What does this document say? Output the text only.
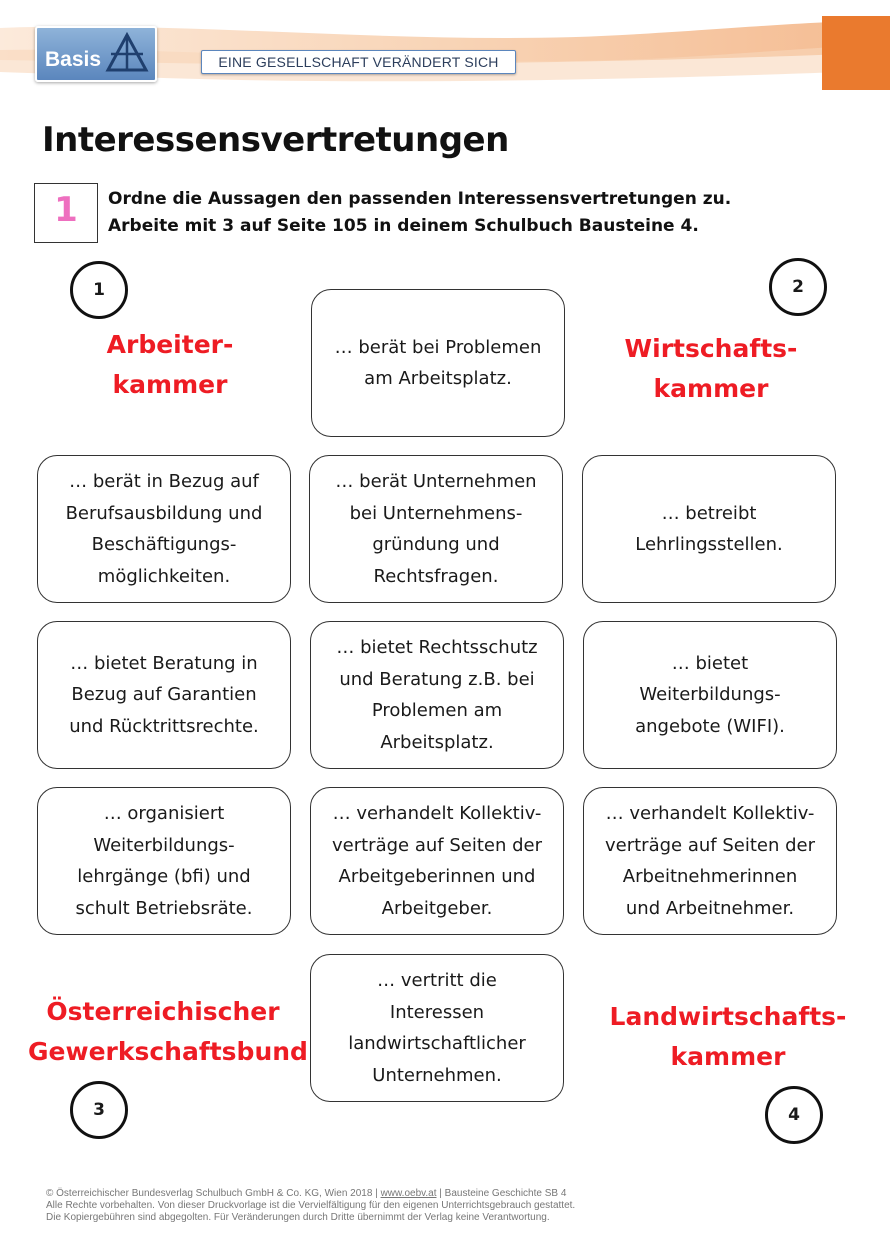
Basis	EINE GESELLSCHAFT VERÄNDERT SICH
Interessensvertretungen
1	Ordne die Aussagen den passenden Interessensvertretungen zu.
Arbeite mit 3 auf Seite 105 in deinem Schulbuch Bausteine 4.
1	2
3	4
Arbeiter-
kammer
Wirtschafts-
kammer
Österreichischer
Gewerkschaftsbund
Landwirtschafts-
kammer
… berät bei Problemen
am Arbeitsplatz.
… berät in Bezug auf
Berufsausbildung und
Beschäftigungs-
möglichkeiten.
… berät Unternehmen
bei Unternehmens-
gründung und
Rechtsfragen.
… betreibt
Lehrlingsstellen.
… bietet Beratung in
Bezug auf Garantien
und Rücktrittsrechte.
… bietet Rechtsschutz
und Beratung z.B. bei
Problemen am
Arbeitsplatz.
… bietet
Weiterbildungs-
angebote (WIFI).
… organisiert
Weiterbildungs-
lehrgänge (bfi) und
schult Betriebsräte.
… verhandelt Kollektiv-
verträge auf Seiten der
Arbeitgeberinnen und
Arbeitgeber.
… verhandelt Kollektiv-
verträge auf Seiten der
Arbeitnehmerinnen
und Arbeitnehmer.
… vertritt die
Interessen
landwirtschaftlicher
Unternehmen.
© Österreichischer Bundesverlag Schulbuch GmbH & Co. KG, Wien 2018 | www.oebv.at | Bausteine Geschichte SB 4
Alle Rechte vorbehalten. Von dieser Druckvorlage ist die Vervielfältigung für den eigenen Unterrichtsgebrauch gestattet.
Die Kopiergebühren sind abgegolten. Für Veränderungen durch Dritte übernimmt der Verlag keine Verantwortung.
